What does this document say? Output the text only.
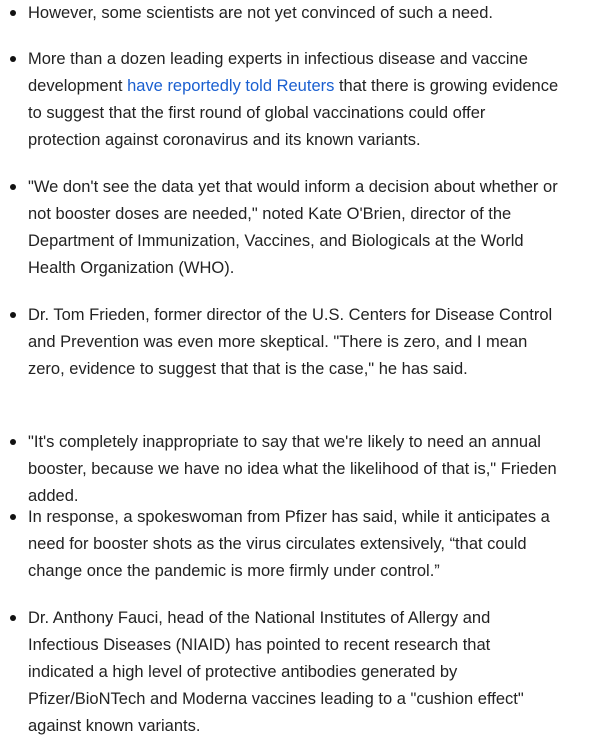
However, some scientists are not yet convinced of such a need.
More than a dozen leading experts in infectious disease and vaccine
development have reportedly told Reuters that there is growing evidence
to suggest that the first round of global vaccinations could offer
protection against coronavirus and its known variants.
"We don't see the data yet that would inform a decision about whether or
not booster doses are needed," noted Kate O'Brien, director of the
Department of Immunization, Vaccines, and Biologicals at the World
Health Organization (WHO).
Dr. Tom Frieden, former director of the U.S. Centers for Disease Control
and Prevention was even more skeptical. "There is zero, and I mean
zero, evidence to suggest that that is the case," he has said.
"It's completely inappropriate to say that we're likely to need an annual
booster, because we have no idea what the likelihood of that is," Frieden
added.
In response, a spokeswoman from Pfizer has said, while it anticipates a
need for booster shots as the virus circulates extensively, “that could
change once the pandemic is more firmly under control.”
Dr. Anthony Fauci, head of the National Institutes of Allergy and
Infectious Diseases (NIAID) has pointed to recent research that
indicated a high level of protective antibodies generated by
Pfizer/BioNTech and Moderna vaccines leading to a "cushion effect"
against known variants.
